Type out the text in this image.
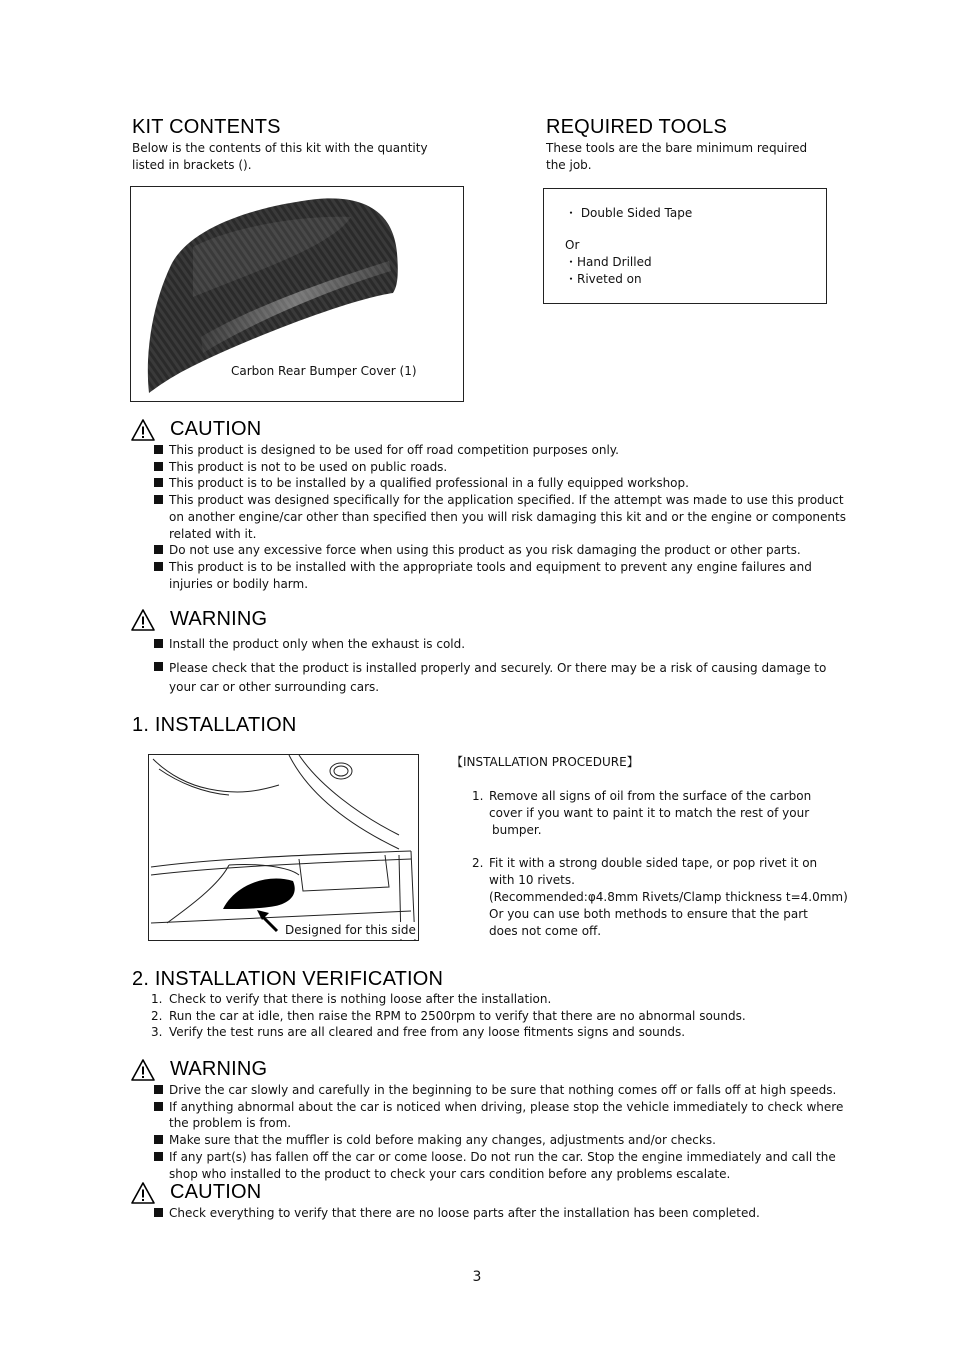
KIT CONTENTS
Below is the contents of this kit with the quantity
listed in brackets ().
Carbon Rear Bumper Cover (1)
REQUIRED TOOLS
These tools are the bare minimum required
the job.
・ Double Sided Tape
Or
・Hand Drilled
・Riveted on
CAUTION
This product is designed to be used for off road competition purposes only.
This product is not to be used on public roads.
This product is to be installed by a qualified professional in a fully equipped workshop.
This product was designed specifically for the application specified. If the attempt was made to use this product on another engine/car other than specified then you will risk damaging this kit and or the engine or components related with it.
Do not use any excessive force when using this product as you risk damaging the product or other parts.
This product is to be installed with the appropriate tools and equipment to prevent any engine failures and injuries or bodily harm.
WARNING
Install the product only when the exhaust is cold.
Please check that the product is installed properly and securely. Or there may be a risk of causing damage to your car or other surrounding cars.
1. INSTALLATION
Designed for this side

【INSTALLATION PROCEDURE】

1. Remove all signs of oil from the surface of the carbon

cover if you want to paint it to match the rest of your

bumper.

2. Fit it with a strong double sided tape, or pop rivet it on

with 10 rivets.

(Recommended:φ4.8mm Rivets/Clamp thickness t=4.0mm)

Or you can use both methods to ensure that the part

does not come off.

2. INSTALLATION VERIFICATION
1. Check to verify that there is nothing loose after the installation.
2. Run the car at idle, then raise the RPM to 2500rpm to verify that there are no abnormal sounds.
3. Verify the test runs are all cleared and free from any loose fitments signs and sounds.
WARNING
Drive the car slowly and carefully in the beginning to be sure that nothing comes off or falls off at high speeds.
If anything abnormal about the car is noticed when driving, please stop the vehicle immediately to check where the problem is from.
Make sure that the muffler is cold before making any changes, adjustments and/or checks.
If any part(s) has fallen off the car or come loose. Do not run the car. Stop the engine immediately and call the shop who installed to the product to check your cars condition before any problems escalate.
CAUTION
Check everything to verify that there are no loose parts after the installation has been completed.
3
